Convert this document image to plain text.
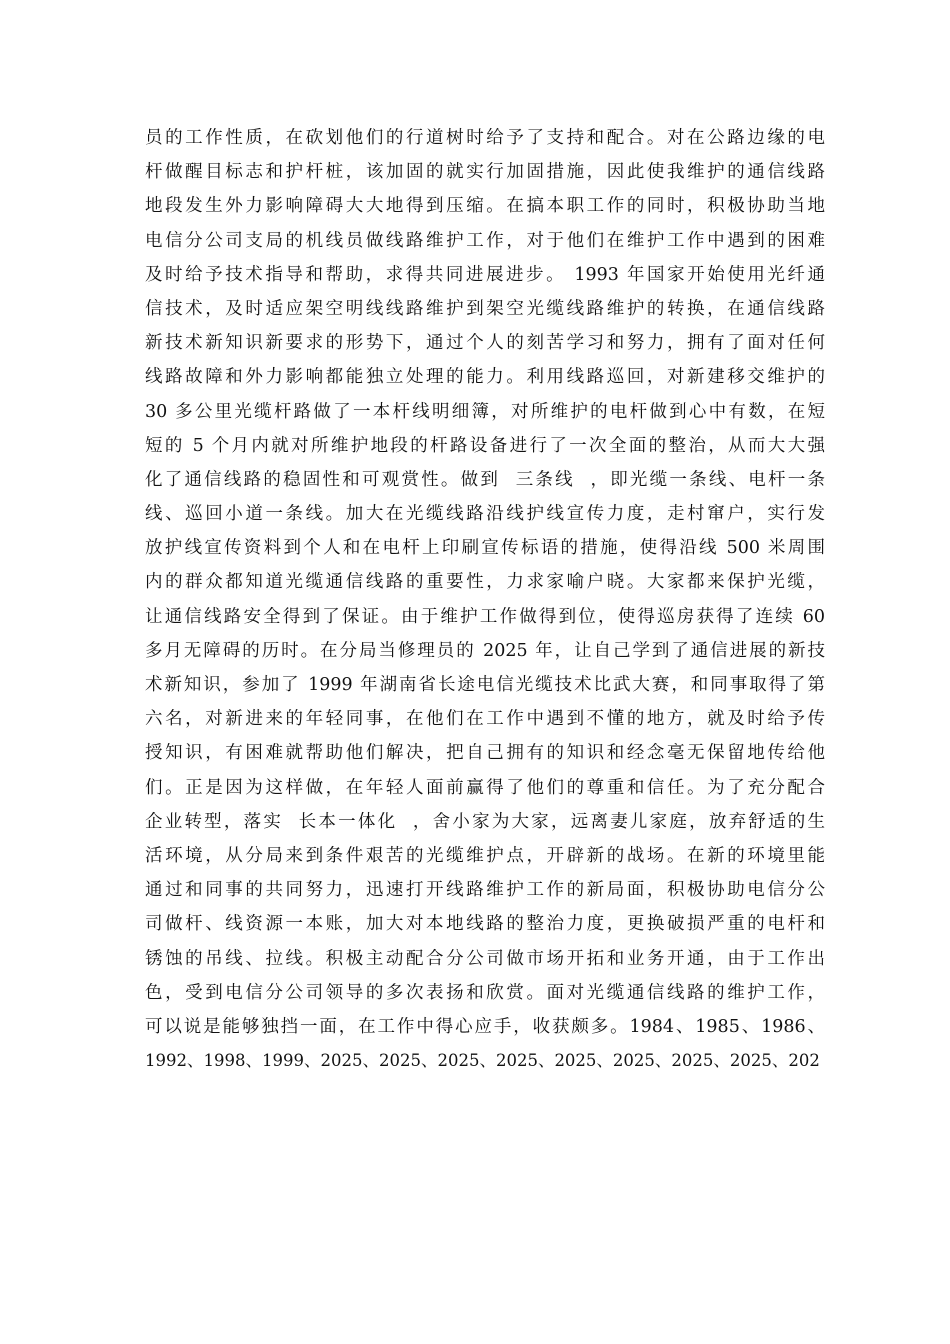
员的工作性质，在砍划他们的行道树时给予了支持和配合。对在公路边缘的电
杆做醒目标志和护杆桩，该加固的就实行加固措施，因此使我维护的通信线路
地段发生外力影响障碍大大地得到压缩。在搞本职工作的同时，积极协助当地
电信分公司支局的机线员做线路维护工作，对于他们在维护工作中遇到的困难
及时给予技术指导和帮助，求得共同进展进步。 1993 年国家开始使用光纤通
信技术，及时适应架空明线线路维护到架空光缆线路维护的转换，在通信线路
新技术新知识新要求的形势下，通过个人的刻苦学习和努力，拥有了面对任何
线路故障和外力影响都能独立处理的能力。利用线路巡回，对新建移交维护的
30 多公里光缆杆路做了一本杆线明细簿，对所维护的电杆做到心中有数，在短
短的 5 个月内就对所维护地段的杆路设备进行了一次全面的整治，从而大大强
化了通信线路的稳固性和可观赏性。做到  三条线  ，即光缆一条线、电杆一条
线、巡回小道一条线。加大在光缆线路沿线护线宣传力度，走村窜户，实行发
放护线宣传资料到个人和在电杆上印刷宣传标语的措施，使得沿线 500 米周围
内的群众都知道光缆通信线路的重要性，力求家喻户晓。大家都来保护光缆，
让通信线路安全得到了保证。由于维护工作做得到位，使得巡房获得了连续 60
多月无障碍的历时。在分局当修理员的 2025 年，让自己学到了通信进展的新技
术新知识，参加了 1999 年湖南省长途电信光缆技术比武大赛，和同事取得了第
六名，对新进来的年轻同事，在他们在工作中遇到不懂的地方，就及时给予传
授知识，有困难就帮助他们解决，把自己拥有的知识和经念毫无保留地传给他
们。正是因为这样做，在年轻人面前赢得了他们的尊重和信任。为了充分配合
企业转型，落实  长本一体化  ，舍小家为大家，远离妻儿家庭，放弃舒适的生
活环境，从分局来到条件艰苦的光缆维护点，开辟新的战场。在新的环境里能
通过和同事的共同努力，迅速打开线路维护工作的新局面，积极协助电信分公
司做杆、线资源一本账，加大对本地线路的整治力度，更换破损严重的电杆和
锈蚀的吊线、拉线。积极主动配合分公司做市场开拓和业务开通，由于工作出
色，受到电信分公司领导的多次表扬和欣赏。面对光缆通信线路的维护工作，
可以说是能够独挡一面，在工作中得心应手，收获颇多。1984、1985、1986、
1992、1998、1999、2025、2025、2025、2025、2025、2025、2025、2025、202
